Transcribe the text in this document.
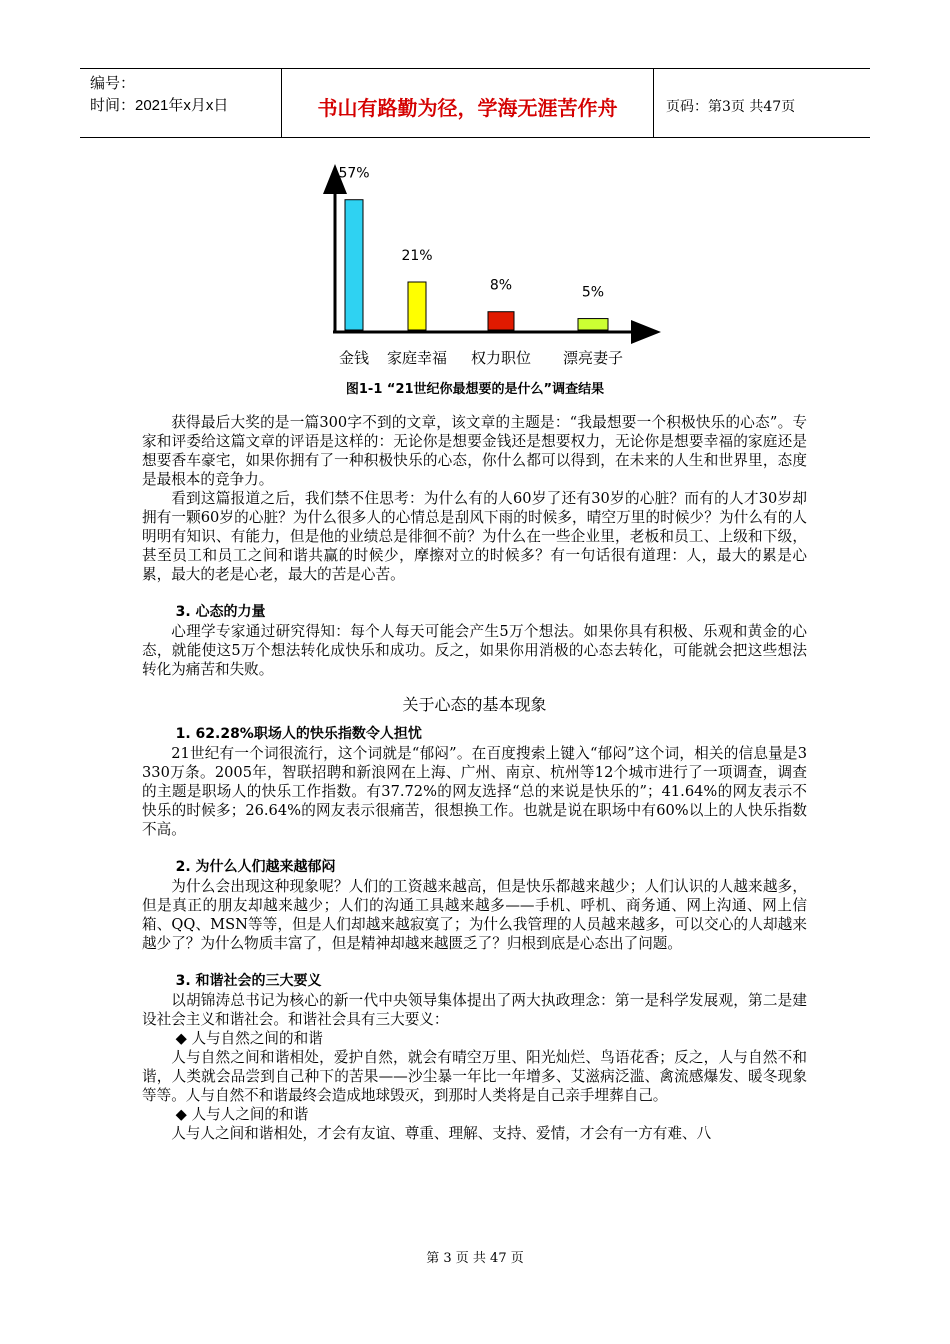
编号：
时间：2021年x月x日	书山有路勤为径，学海无涯苦作舟	页码：第3页 共47页
57%
金钱
21%
家庭幸福
8%
权力职位
5%
漂亮妻子
图1-1 “21世纪你最想要的是什么”调查结果

获得最后大奖的是一篇300字不到的文章，该文章的主题是：“我最想要一个积极快乐的心态”。专家和评委给这篇文章的评语是这样的：无论你是想要金钱还是想要权力，无论你是想要幸福的家庭还是想要香车豪宅，如果你拥有了一种积极快乐的心态，你什么都可以得到，在未来的人生和世界里，态度是最根本的竞争力。

看到这篇报道之后，我们禁不住思考：为什么有的人60岁了还有30岁的心脏？而有的人才30岁却拥有一颗60岁的心脏？为什么很多人的心情总是刮风下雨的时候多，晴空万里的时候少？为什么有的人明明有知识、有能力，但是他的业绩总是徘徊不前？为什么在一些企业里，老板和员工、上级和下级，甚至员工和员工之间和谐共赢的时候少，摩擦对立的时候多？有一句话很有道理：人，最大的累是心累，最大的老是心老，最大的苦是心苦。

3. 心态的力量

心理学专家通过研究得知：每个人每天可能会产生5万个想法。如果你具有积极、乐观和黄金的心态，就能使这5万个想法转化成快乐和成功。反之，如果你用消极的心态去转化，可能就会把这些想法转化为痛苦和失败。

关于心态的基本现象
1. 62.28%职场人的快乐指数令人担忧

21世纪有一个词很流行，这个词就是“郁闷”。在百度搜索上键入“郁闷”这个词，相关的信息量是3 330万条。2005年，智联招聘和新浪网在上海、广州、南京、杭州等12个城市进行了一项调查，调查的主题是职场人的快乐工作指数。有37.72%的网友选择“总的来说是快乐的”；41.64%的网友表示不快乐的时候多；26.64%的网友表示很痛苦，很想换工作。也就是说在职场中有60%以上的人快乐指数不高。

2. 为什么人们越来越郁闷

为什么会出现这种现象呢？人们的工资越来越高，但是快乐都越来越少；人们认识的人越来越多，但是真正的朋友却越来越少；人们的沟通工具越来越多——手机、呼机、商务通、网上沟通、网上信箱、QQ、MSN等等，但是人们却越来越寂寞了；为什么我管理的人员越来越多，可以交心的人却越来越少了？为什么物质丰富了，但是精神却越来越匮乏了？归根到底是心态出了问题。

3. 和谐社会的三大要义

以胡锦涛总书记为核心的新一代中央领导集体提出了两大执政理念：第一是科学发展观，第二是建设社会主义和谐社会。和谐社会具有三大要义：

◆ 人与自然之间的和谐

人与自然之间和谐相处，爱护自然，就会有晴空万里、阳光灿烂、鸟语花香；反之，人与自然不和谐，人类就会品尝到自己种下的苦果——沙尘暴一年比一年增多、艾滋病泛滥、禽流感爆发、暖冬现象等等。人与自然不和谐最终会造成地球毁灭，到那时人类将是自己亲手埋葬自己。

◆ 人与人之间的和谐

人与人之间和谐相处，才会有友谊、尊重、理解、支持、爱情，才会有一方有难、八

第 3 页 共 47 页
